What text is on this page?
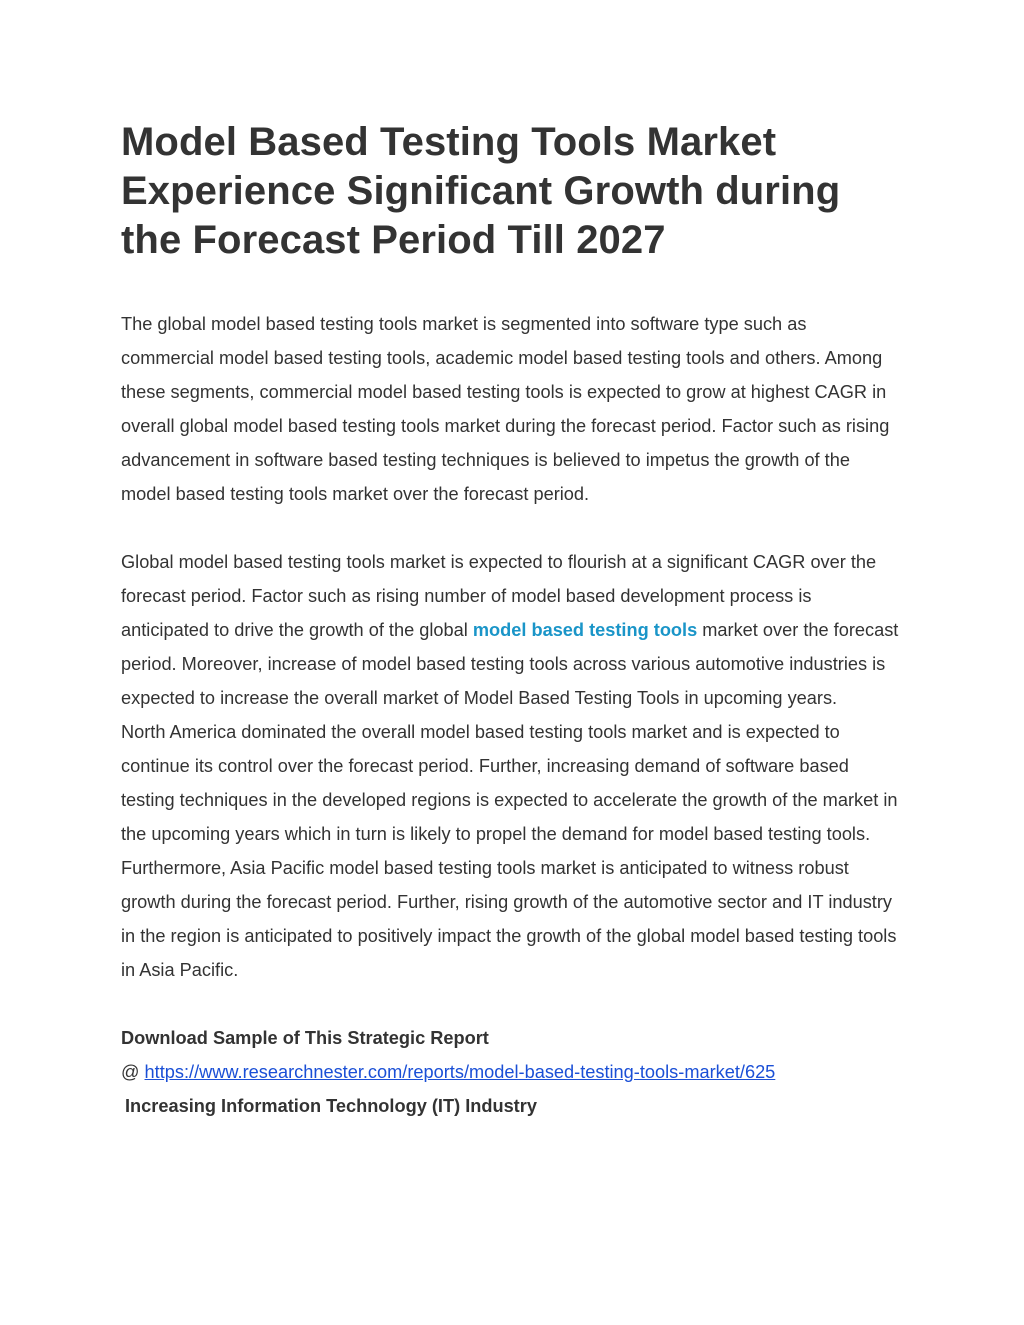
Model Based Testing Tools Market Experience Significant Growth during the Forecast Period Till 2027

The global model based testing tools market is segmented into software type such as commercial model based testing tools, academic model based testing tools and others. Among these segments, commercial model based testing tools is expected to grow at highest CAGR in overall global model based testing tools market during the forecast period. Factor such as rising advancement in software based testing techniques is believed to impetus the growth of the model based testing tools market over the forecast period.

Global model based testing tools market is expected to flourish at a significant CAGR over the forecast period. Factor such as rising number of model based development process is anticipated to drive the growth of the global model based testing tools market over the forecast period. Moreover, increase of model based testing tools across various automotive industries is expected to increase the overall market of Model Based Testing Tools in upcoming years.

North America dominated the overall model based testing tools market and is expected to continue its control over the forecast period. Further, increasing demand of software based testing techniques in the developed regions is expected to accelerate the growth of the market in the upcoming years which in turn is likely to propel the demand for model based testing tools. Furthermore, Asia Pacific model based testing tools market is anticipated to witness robust growth during the forecast period. Further, rising growth of the automotive sector and IT industry in the region is anticipated to positively impact the growth of the global model based testing tools in Asia Pacific.

Download Sample of This Strategic Report
@ https://www.researchnester.com/reports/model-based-testing-tools-market/625
Increasing Information Technology (IT) Industry
